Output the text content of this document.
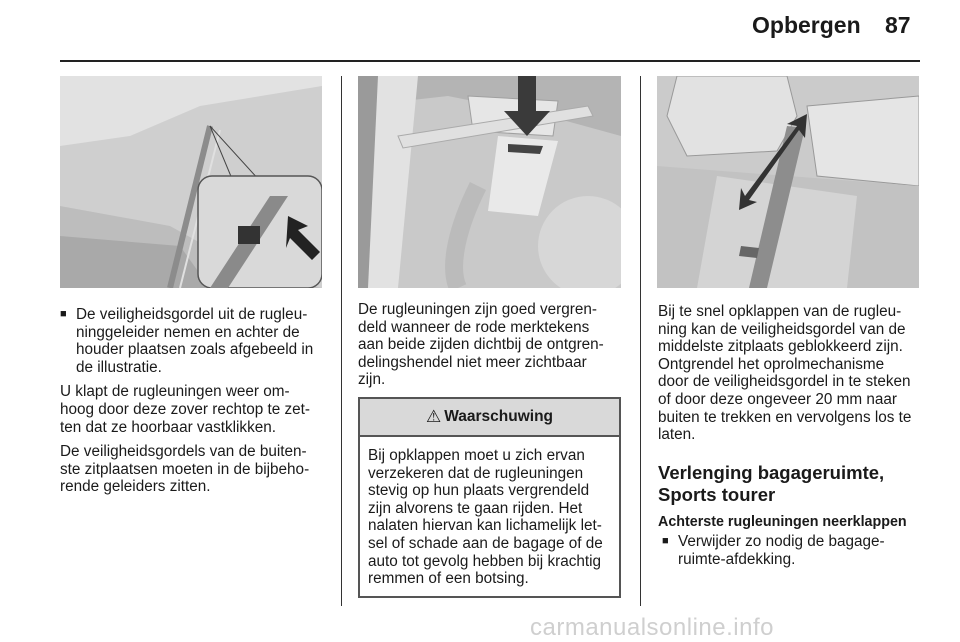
Opbergen 87
■ De veiligheidsgordel uit de rugleu-
ninggeleider nemen en achter de
houder plaatsen zoals afgebeeld in
de illustratie.

U klapt de rugleuningen weer om-
hoog door deze zover rechtop te zet-
ten dat ze hoorbaar vastklikken.

De veiligheidsgordels van de buiten-
ste zitplaatsen moeten in de bijbeho-
rende geleiders zitten.

De rugleuningen zijn goed vergren-
deld wanneer de rode merktekens
aan beide zijden dichtbij de ontgren-
delingshendel niet meer zichtbaar
zijn.

⚠ Waarschuwing
Bij opklappen moet u zich ervan
verzekeren dat de rugleuningen
stevig op hun plaats vergrendeld
zijn alvorens te gaan rijden. Het
nalaten hiervan kan lichamelijk let-
sel of schade aan de bagage of de
auto tot gevolg hebben bij krachtig
remmen of een botsing.

Bij te snel opklappen van de rugleu-
ning kan de veiligheidsgordel van de
middelste zitplaats geblokkeerd zijn.
Ontgrendel het oprolmechanisme
door de veiligheidsgordel in te steken
of door deze ongeveer 20 mm naar
buiten te trekken en vervolgens los te
laten.

Verlenging bagageruimte,
Sports tourer
Achterste rugleuningen neerklappen
■ Verwijder zo nodig de bagage-
ruimte-afdekking.

carmanualsonline.info
